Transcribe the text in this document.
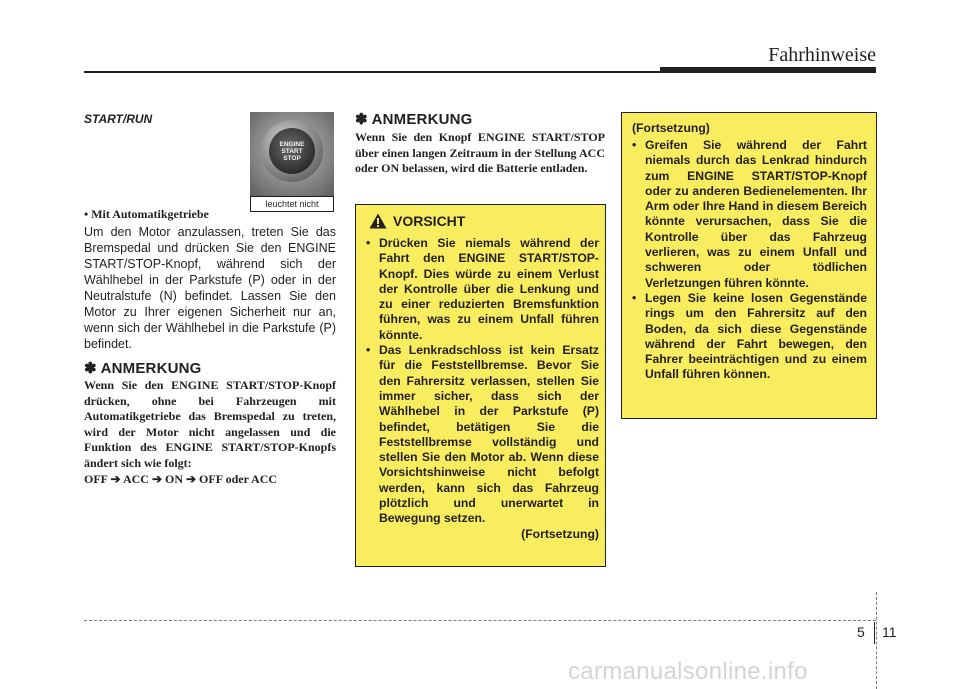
Fahrhinweise
START/RUN
ENGINE
START
STOP
leuchtet nicht
• Mit Automatikgetriebe
Um den Motor anzulassen, treten Sie das Bremspedal und drücken Sie den ENGINE START/STOP-Knopf, während sich der Wählhebel in der Parkstufe (P) oder in der Neutralstufe (N) befindet. Lassen Sie den Motor zu Ihrer eigenen Sicherheit nur an, wenn sich der Wählhebel in die Parkstufe (P) befindet.
✽ ANMERKUNG
Wenn Sie den ENGINE START/STOP-Knopf drücken, ohne bei Fahrzeugen mit Automatikgetriebe das Bremspedal zu treten, wird der Motor nicht angelassen und die Funktion des ENGINE START/STOP-Knopfs ändert sich wie folgt:
OFF ➔ ACC ➔ ON ➔ OFF oder ACC
✽ ANMERKUNG
Wenn Sie den Knopf ENGINE START/STOP über einen langen Zeitraum in der Stellung ACC oder ON belassen, wird die Batterie entladen.
VORSICHT
• Drücken Sie niemals während der Fahrt den ENGINE START/STOP-Knopf. Dies würde zu einem Verlust der Kontrolle über die Lenkung und zu einer reduzierten Bremsfunktion führen, was zu einem Unfall führen könnte.
• Das Lenkradschloss ist kein Ersatz für die Feststellbremse. Bevor Sie den Fahrersitz verlassen, stellen Sie immer sicher, dass sich der Wählhebel in der Parkstufe (P) befindet, betätigen Sie die Feststellbremse vollständig und stellen Sie den Motor ab. Wenn diese Vorsichtshinweise nicht befolgt werden, kann sich das Fahrzeug plötzlich und unerwartet in Bewegung setzen.
(Fortsetzung)
(Fortsetzung)
• Greifen Sie während der Fahrt niemals durch das Lenkrad hindurch zum ENGINE START/STOP-Knopf oder zu anderen Bedienelementen. Ihr Arm oder Ihre Hand in diesem Bereich könnte verursachen, dass Sie die Kontrolle über das Fahrzeug verlieren, was zu einem Unfall und schweren oder tödlichen Verletzungen führen könnte.
• Legen Sie keine losen Gegenstände rings um den Fahrersitz auf den Boden, da sich diese Gegenstände während der Fahrt bewegen, den Fahrer beeinträchtigen und zu einem Unfall führen können.
5 11
carmanualsonline.info
